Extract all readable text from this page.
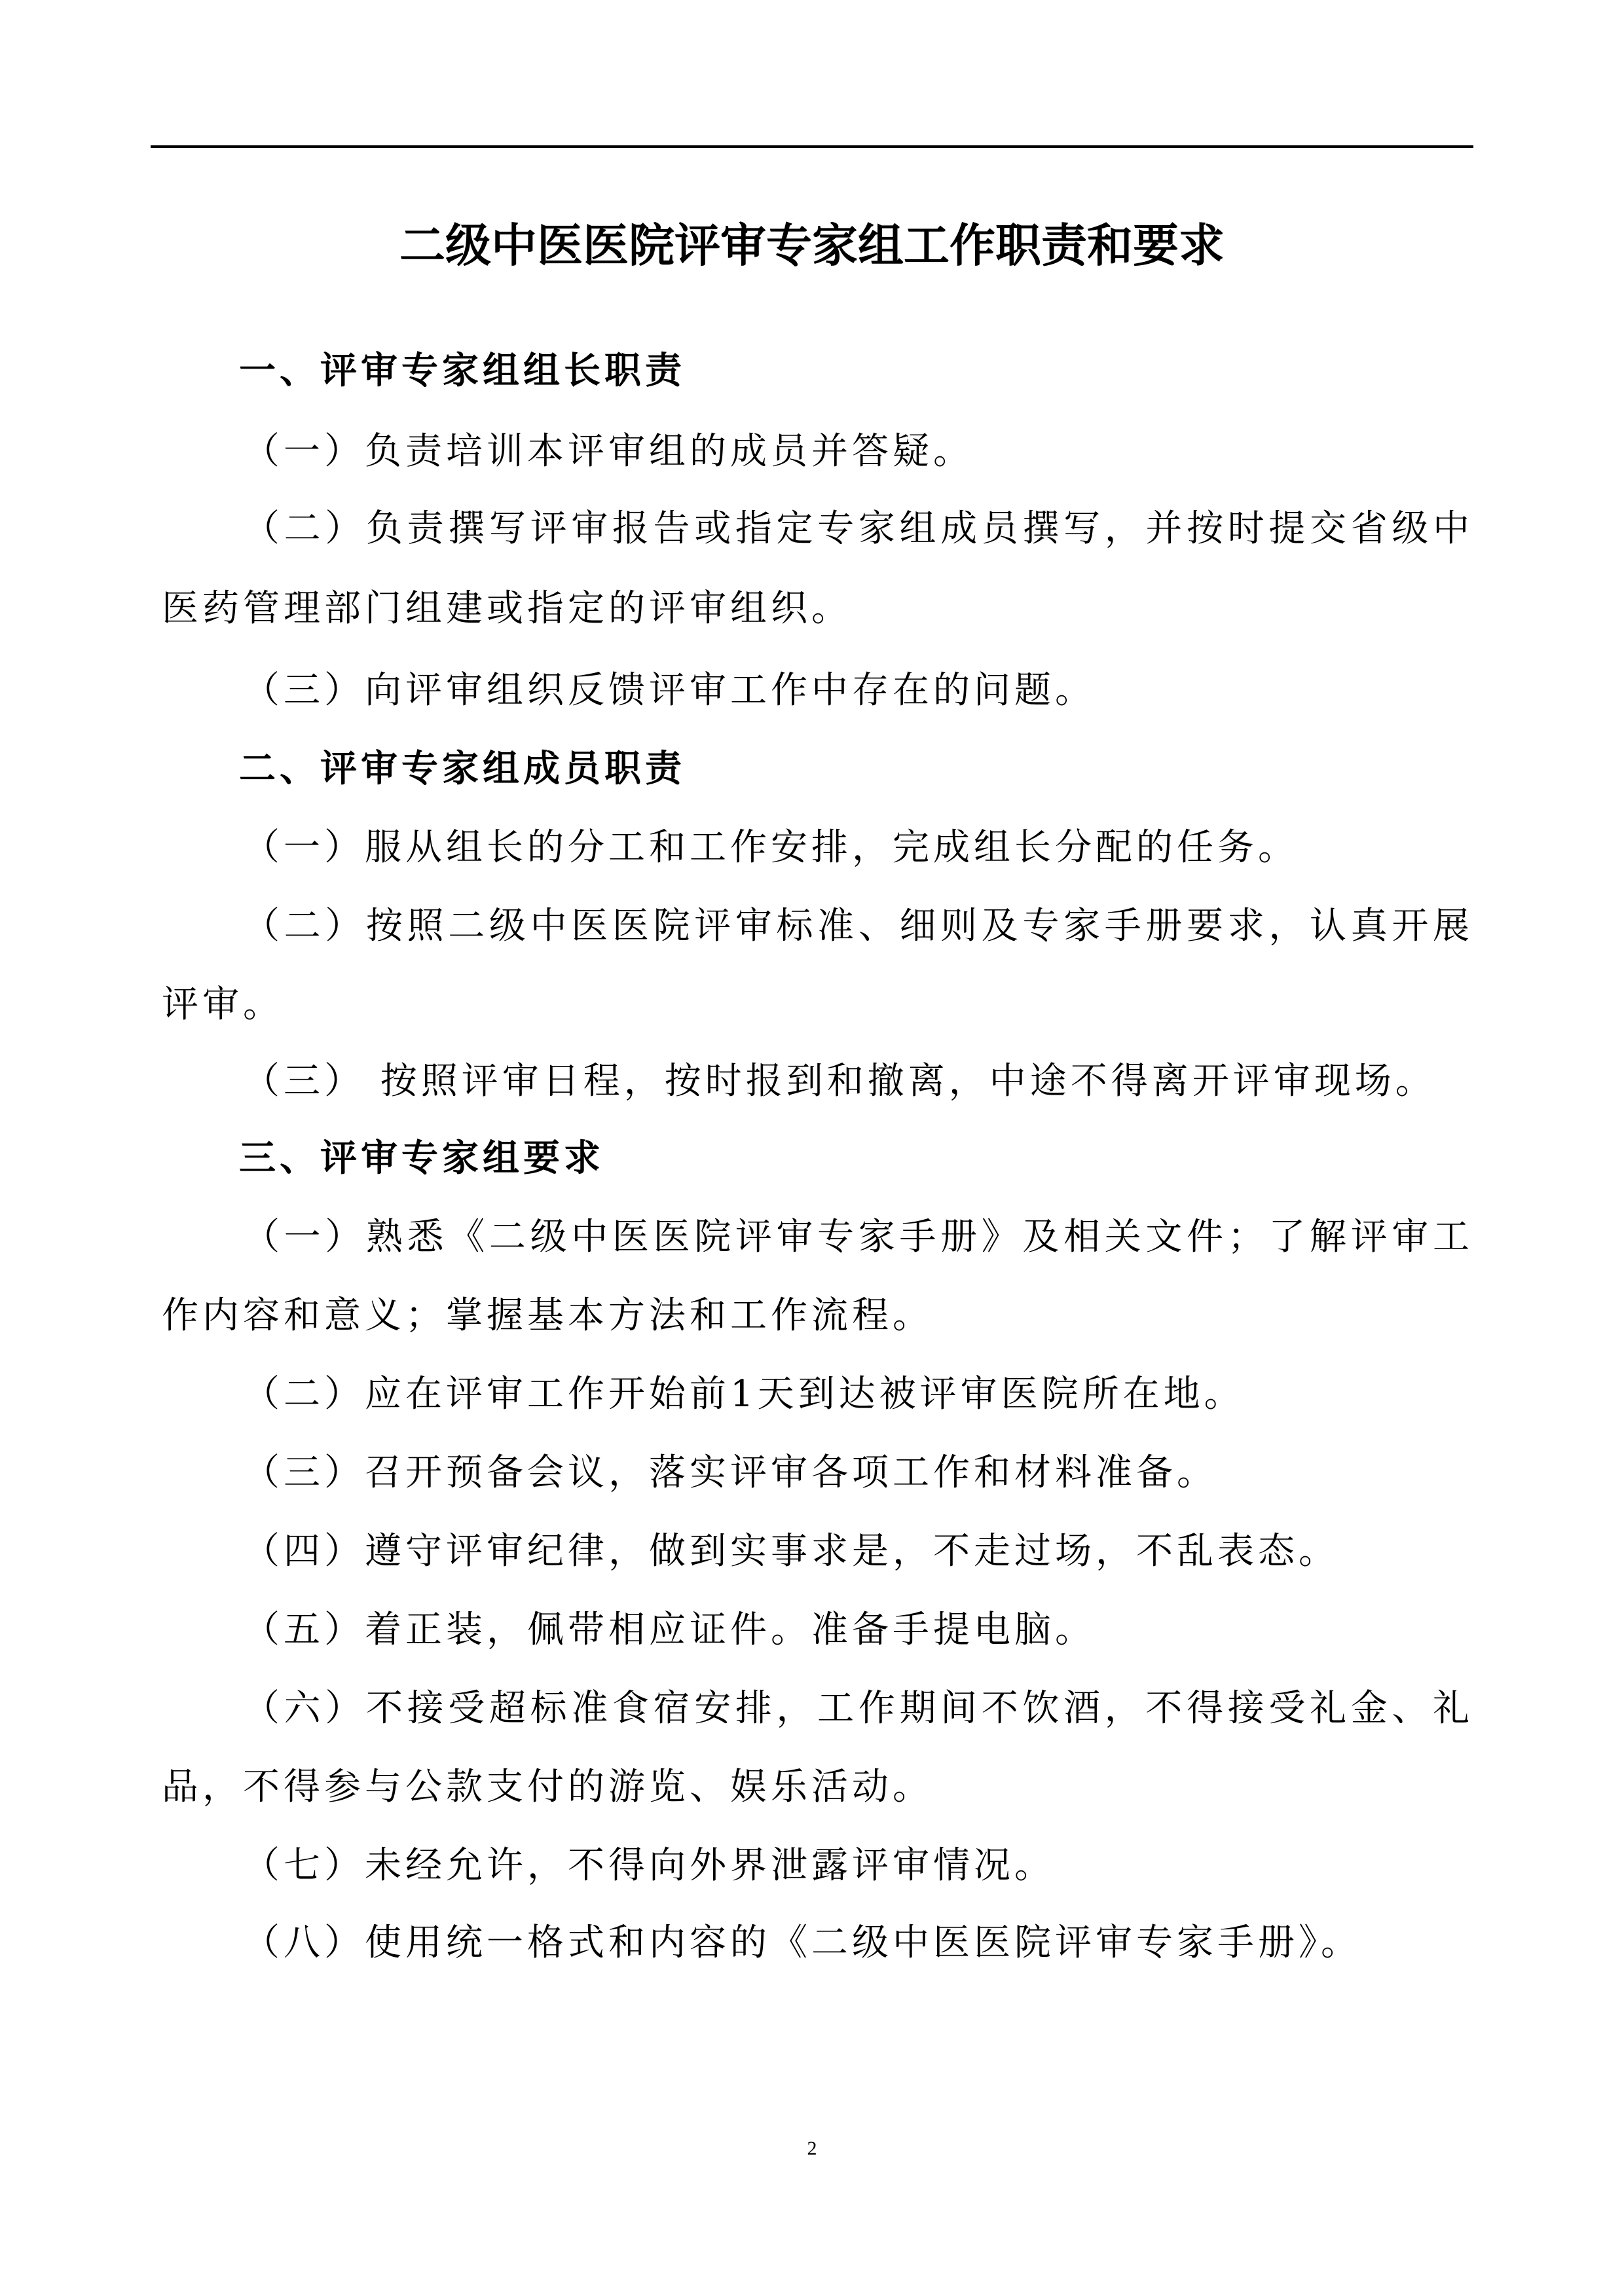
二级中医医院评审专家组工作职责和要求
一、评审专家组组长职责
（一）负责培训本评审组的成员并答疑。
（二）负责撰写评审报告或指定专家组成员撰写，并按时提交省级中
医药管理部门组建或指定的评审组织。
（三）向评审组织反馈评审工作中存在的问题。
二、评审专家组成员职责
（一）服从组长的分工和工作安排，完成组长分配的任务。
（二）按照二级中医医院评审标准、细则及专家手册要求，认真开展
评审。
（三） 按照评审日程，按时报到和撤离，中途不得离开评审现场。
三、评审专家组要求
（一）熟悉《二级中医医院评审专家手册》及相关文件；了解评审工
作内容和意义；掌握基本方法和工作流程。
（二）应在评审工作开始前1天到达被评审医院所在地。
（三）召开预备会议，落实评审各项工作和材料准备。
（四）遵守评审纪律，做到实事求是，不走过场，不乱表态。
（五）着正装，佩带相应证件。准备手提电脑。
（六）不接受超标准食宿安排，工作期间不饮酒，不得接受礼金、礼
品，不得参与公款支付的游览、娱乐活动。
（七）未经允许，不得向外界泄露评审情况。
（八）使用统一格式和内容的《二级中医医院评审专家手册》。
2
